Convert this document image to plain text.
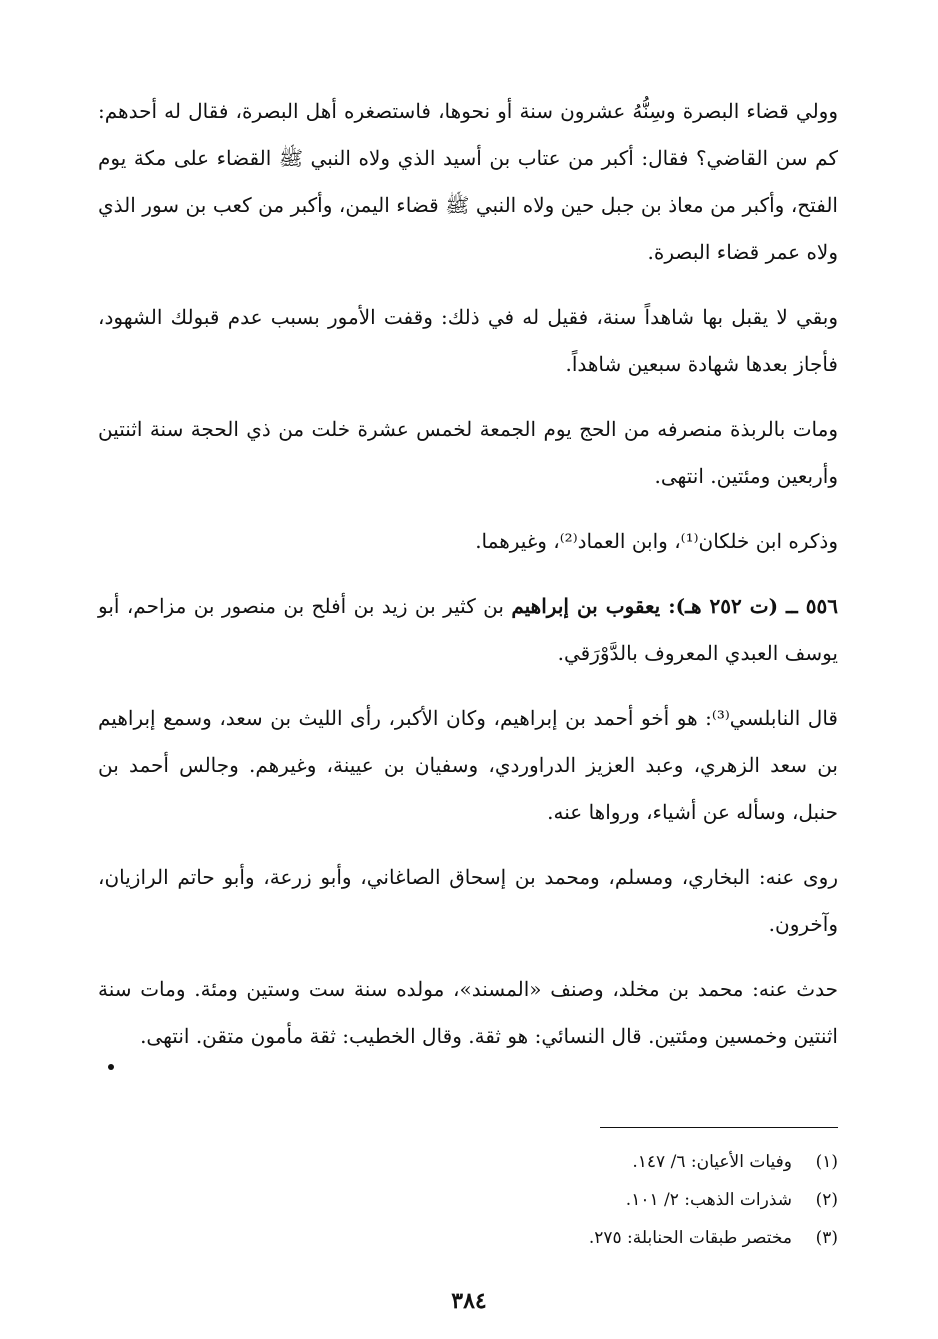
وولي قضاء البصرة وسِنُّهُ عشرون سنة أو نحوها، فاستصغره أهل البصرة، فقال له أحدهم: كم سن القاضي؟ فقال: أكبر من عتاب بن أسيد الذي ولاه النبي ﷺ القضاء على مكة يوم الفتح، وأكبر من معاذ بن جبل حين ولاه النبي ﷺ قضاء اليمن، وأكبر من كعب بن سور الذي ولاه عمر قضاء البصرة.

وبقي لا يقبل بها شاهداً سنة، فقيل له في ذلك: وقفت الأمور بسبب عدم قبولك الشهود، فأجاز بعدها شهادة سبعين شاهداً.

ومات بالربذة منصرفه من الحج يوم الجمعة لخمس عشرة خلت من ذي الحجة سنة اثنتين وأربعين ومئتين. انتهى.

وذكره ابن خلكان⁽¹⁾، وابن العماد⁽²⁾، وغيرهما.

٥٥٦ ــ (ت ٢٥٢ هـ): يعقوب بن إبراهيم بن كثير بن زيد بن أفلح بن منصور بن مزاحم، أبو يوسف العبدي المعروف بالدَّوْرَقي.

قال النابلسي⁽³⁾: هو أخو أحمد بن إبراهيم، وكان الأكبر، رأى الليث بن سعد، وسمع إبراهيم بن سعد الزهري، وعبد العزيز الدراوردي، وسفيان بن عيينة، وغيرهم. وجالس أحمد بن حنبل، وسأله عن أشياء، ورواها عنه.

روى عنه: البخاري، ومسلم، ومحمد بن إسحاق الصاغاني، وأبو زرعة، وأبو حاتم الرازيان، وآخرون.

حدث عنه: محمد بن مخلد، وصنف «المسند»، مولده سنة ست وستين ومئة. ومات سنة اثنتين وخمسين ومئتين. قال النسائي: هو ثقة. وقال الخطيب: ثقة مأمون متقن. انتهى.

(١)
وفيات الأعيان: ٦/ ١٤٧.

(٢)
شذرات الذهب: ٢/ ١٠١.

(٣)
مختصر طبقات الحنابلة: ٢٧٥.

٣٨٤
